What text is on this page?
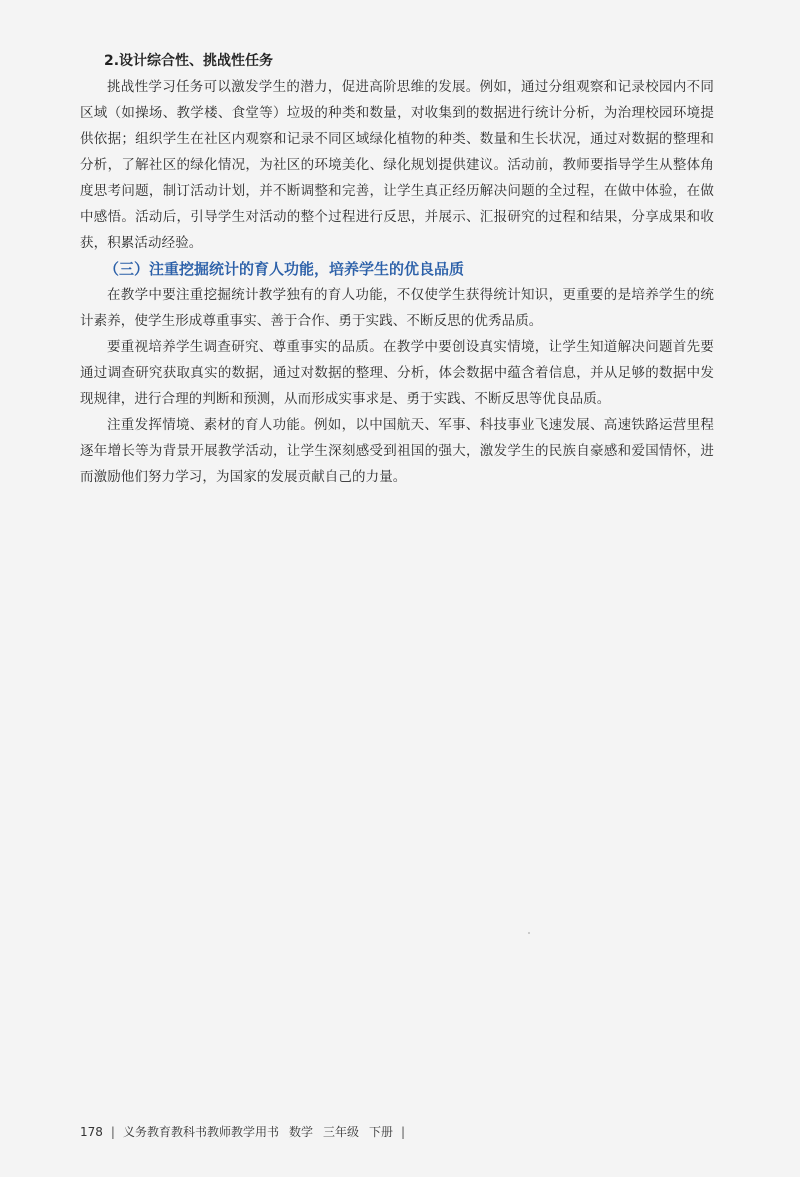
2.设计综合性、挑战性任务

挑战性学习任务可以激发学生的潜力，促进高阶思维的发展。例如，通过分组观察和记录校园内不同区域（如操场、教学楼、食堂等）垃圾的种类和数量，对收集到的数据进行统计分析，为治理校园环境提供依据；组织学生在社区内观察和记录不同区域绿化植物的种类、数量和生长状况，通过对数据的整理和分析，了解社区的绿化情况，为社区的环境美化、绿化规划提供建议。活动前，教师要指导学生从整体角度思考问题，制订活动计划，并不断调整和完善，让学生真正经历解决问题的全过程，在做中体验，在做中感悟。活动后，引导学生对活动的整个过程进行反思，并展示、汇报研究的过程和结果，分享成果和收获，积累活动经验。

（三）注重挖掘统计的育人功能，培养学生的优良品质

在教学中要注重挖掘统计教学独有的育人功能，不仅使学生获得统计知识，更重要的是培养学生的统计素养，使学生形成尊重事实、善于合作、勇于实践、不断反思的优秀品质。

要重视培养学生调查研究、尊重事实的品质。在教学中要创设真实情境，让学生知道解决问题首先要通过调查研究获取真实的数据，通过对数据的整理、分析，体会数据中蕴含着信息，并从足够的数据中发现规律，进行合理的判断和预测，从而形成实事求是、勇于实践、不断反思等优良品质。

注重发挥情境、素材的育人功能。例如，以中国航天、军事、科技事业飞速发展、高速铁路运营里程逐年增长等为背景开展教学活动，让学生深刻感受到祖国的强大，激发学生的民族自豪感和爱国情怀，进而激励他们努力学习，为国家的发展贡献自己的力量。

178 | 义务教育教科书教师教学用书 数学 三年级 下册 |
